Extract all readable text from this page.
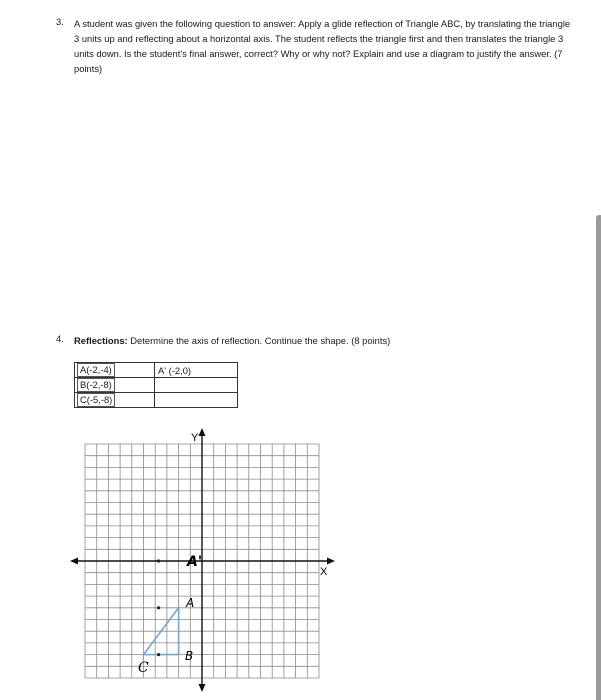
3. A student was given the following question to answer: Apply a glide reflection of Triangle ABC, by translating the triangle 3 units up and reflecting about a horizontal axis. The student reflects the triangle first and then translates the triangle 3 units down. Is the student's final answer, correct? Why or why not? Explain and use a diagram to justify the answer. (7 points)
4. Reflections: Determine the axis of reflection. Continue the shape. (8 points)
A(-2,-4)	A' (-2,0)
B(-2,-8)	
C(-5,-8)	
Y
X
A'
A
B
C
